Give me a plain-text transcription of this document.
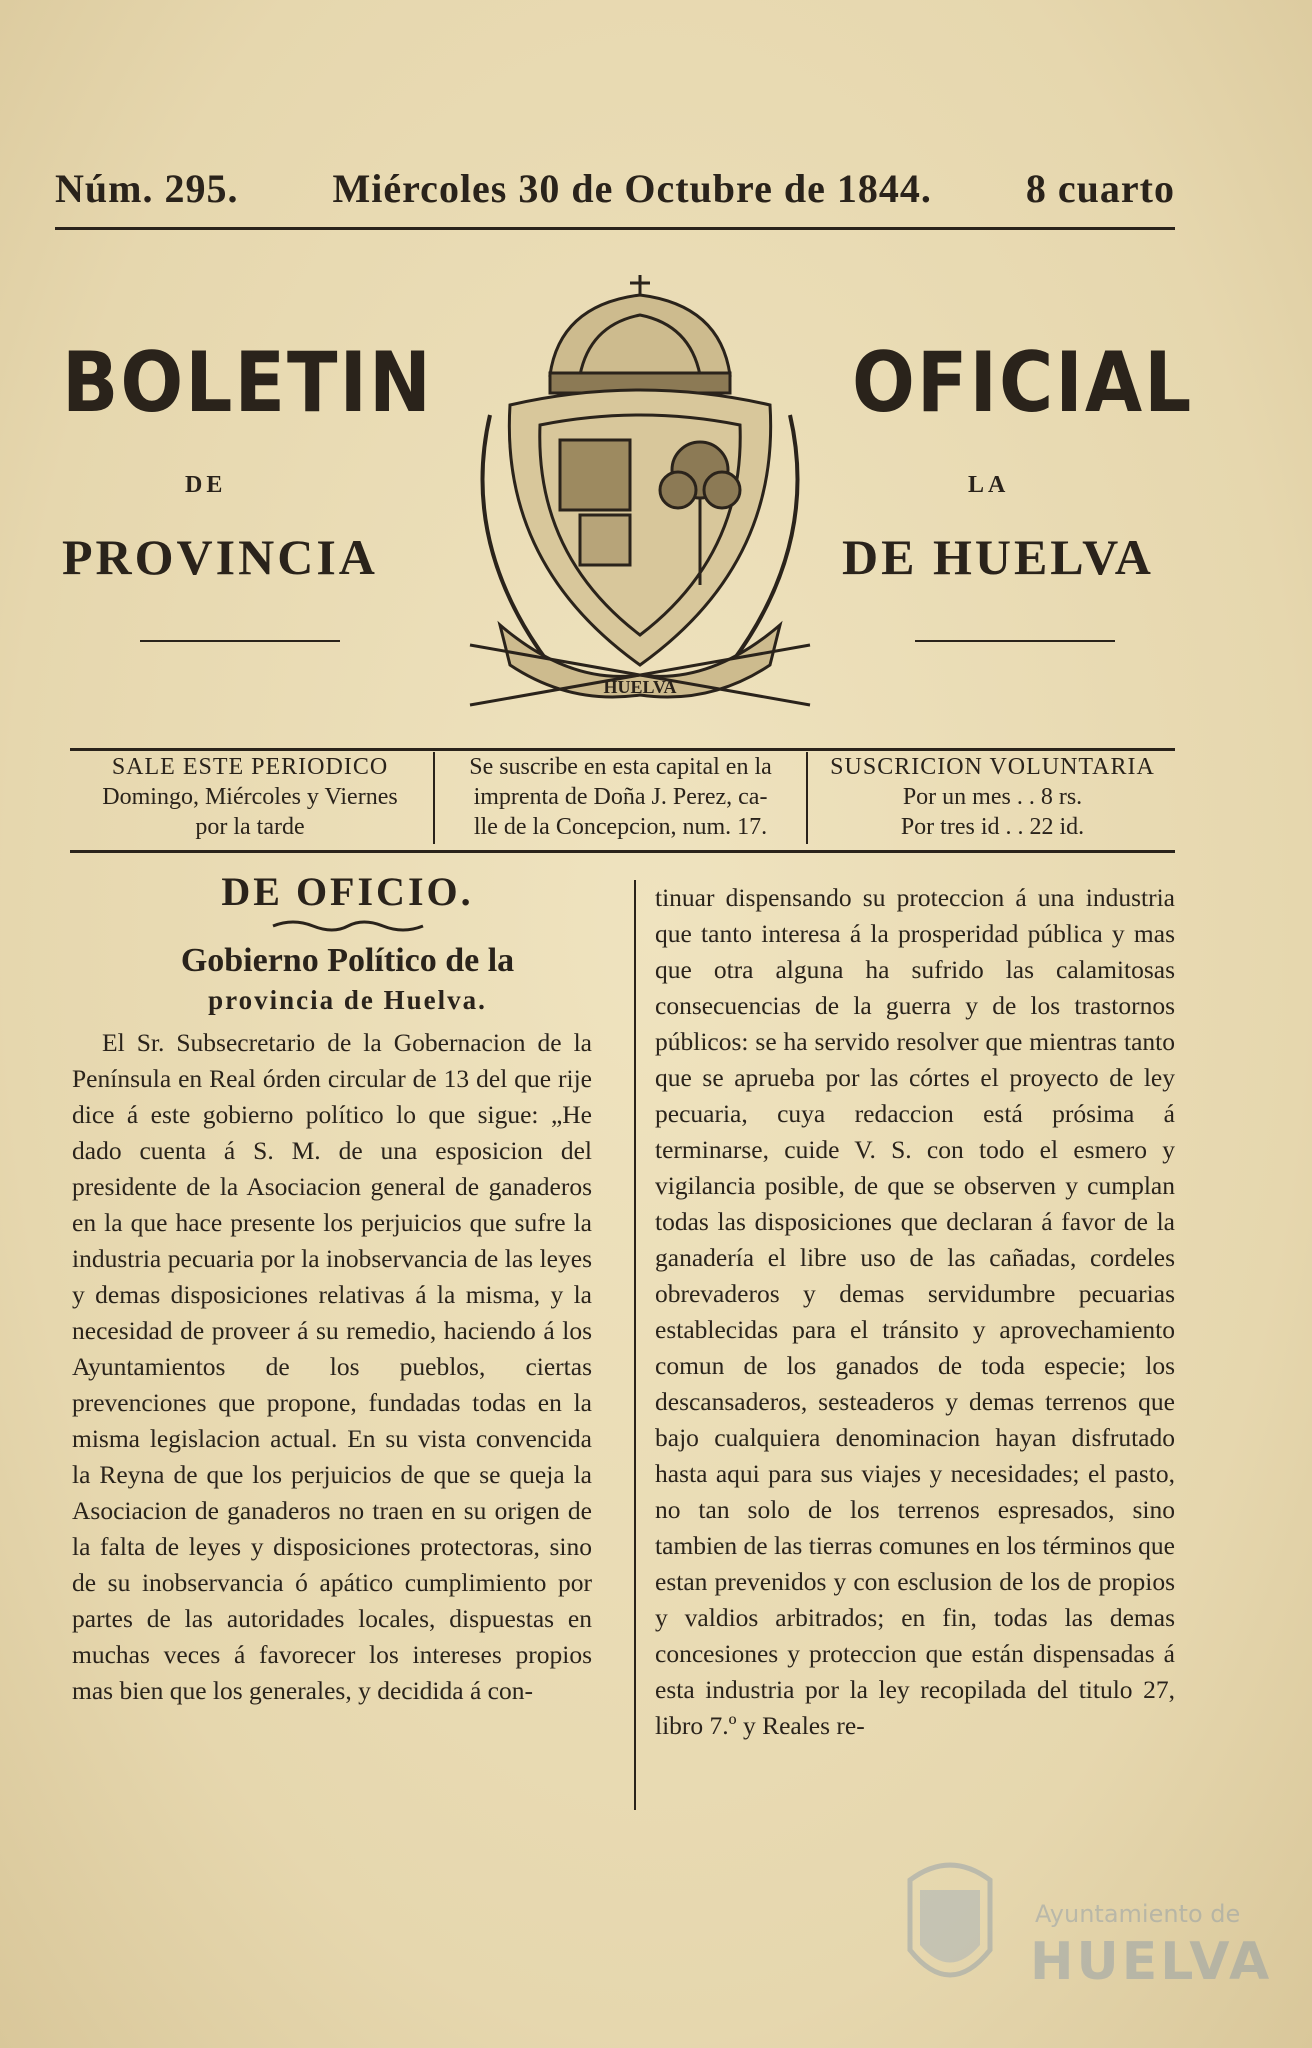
Núm. 295. Miércoles 30 de Octubre de 1844. 8 cuarto
BOLETIN	OFICIAL
DE	LA
PROVINCIA	DE HUELVA
HUELVA
SALE ESTE PERIODICO
Domingo, Miércoles y Viernes
por la tarde
Se suscribe en esta capital en la
imprenta de Doña J. Perez, ca-
lle de la Concepcion, num. 17.
SUSCRICION VOLUNTARIA
Por un mes . . 8 rs.
Por tres id . . 22 id.
DE OFICIO.
Gobierno Político de la
provincia de Huelva.

El Sr. Subsecretario de la Gobernacion de la Península en Real órden circular de 13 del que rije dice á este gobierno político lo que sigue: „He dado cuenta á S. M. de una esposicion del presidente de la Asociacion general de ganaderos en la que hace presente los perjuicios que sufre la industria pecuaria por la inobservancia de las leyes y demas disposiciones relativas á la misma, y la necesidad de proveer á su remedio, haciendo á los Ayuntamientos de los pueblos, ciertas prevenciones que propone, fundadas todas en la misma legislacion actual. En su vista convencida la Reyna de que los perjuicios de que se queja la Asociacion de ganaderos no traen en su origen de la falta de leyes y disposiciones protectoras, sino de su inobservancia ó apático cumplimiento por partes de las autoridades locales, dispuestas en muchas veces á favorecer los intereses propios mas bien que los generales, y decidida á con-

tinuar dispensando su proteccion á una industria que tanto interesa á la prosperidad pública y mas que otra alguna ha sufrido las calamitosas consecuencias de la guerra y de los trastornos públicos: se ha servido resolver que mientras tanto que se aprueba por las córtes el proyecto de ley pecuaria, cuya redaccion está prósima á terminarse, cuide V. S. con todo el esmero y vigilancia posible, de que se observen y cumplan todas las disposiciones que declaran á favor de la ganadería el libre uso de las cañadas, cordeles obrevaderos y demas servidumbre pecuarias establecidas para el tránsito y aprovechamiento comun de los ganados de toda especie; los descansaderos, sesteaderos y demas terrenos que bajo cualquiera denominacion hayan disfrutado hasta aqui para sus viajes y necesidades; el pasto, no tan solo de los terrenos espresados, sino tambien de las tierras comunes en los términos que estan prevenidos y con esclusion de los de propios y valdios arbitrados; en fin, todas las demas concesiones y proteccion que están dispensadas á esta industria por la ley recopilada del titulo 27, libro 7.º y Reales re-

Ayuntamiento de
HUELVA
